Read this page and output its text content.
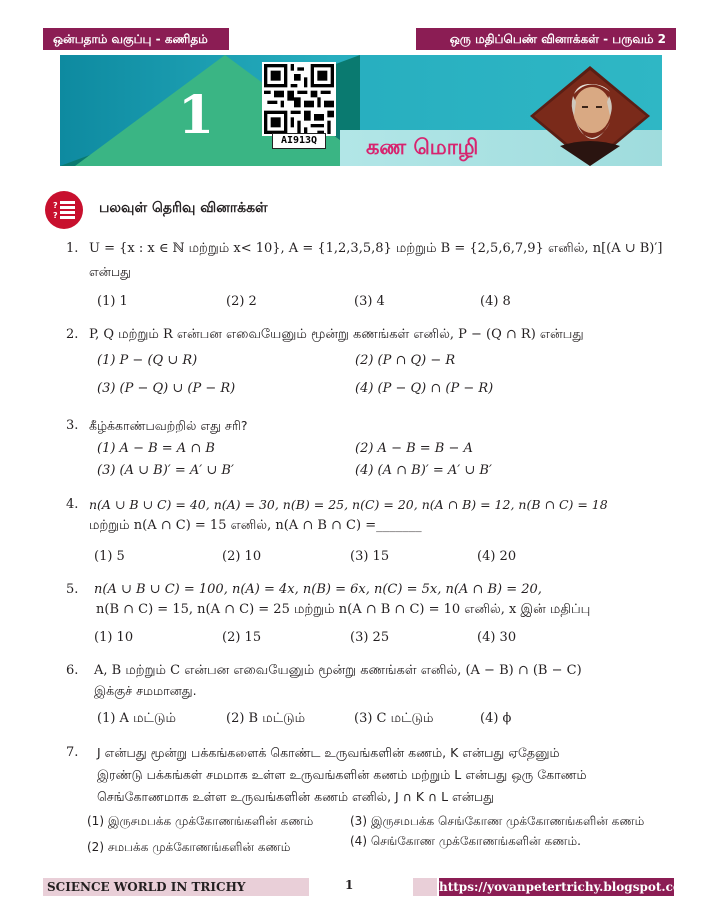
ஒன்பதாம் வகுப்பு - கணிதம்	ஒரு மதிப்பெண் வினாக்கள் - பருவம் 2
1
கண மொழி
AI913Q
?
?	பலவுள் தெரிவு வினாக்கள்
1. U = {x : x ∈ ℕ மற்றும் x< 10}, A = {1,2,3,5,8} மற்றும் B = {2,5,6,7,9} எனில், n[(A ∪ B)′]
என்பது
(1) 1	(2) 2	(3) 4	(4) 8
2. P, Q மற்றும் R என்பன எவையேனும் மூன்று கணங்கள் எனில், P − (Q ∩ R) என்பது
(1) P − (Q ∪ R)	(2) (P ∩ Q) − R
(3) (P − Q) ∪ (P − R)	(4) (P − Q) ∩ (P − R)
3. கீழ்க்காண்பவற்றில் எது சரி?
(1) A − B = A ∩ B	(2) A − B = B − A
(3) (A ∪ B)′ = A′ ∪ B′	(4) (A ∩ B)′ = A′ ∪ B′
4. n(A ∪ B ∪ C) = 40, n(A) = 30, n(B) = 25, n(C) = 20, n(A ∩ B) = 12, n(B ∩ C) = 18
மற்றும் n(A ∩ C) = 15 எனில், n(A ∩ B ∩ C) =_______
(1) 5	(2) 10	(3) 15	(4) 20
5. n(A ∪ B ∪ C) = 100, n(A) = 4x, n(B) = 6x, n(C) = 5x, n(A ∩ B) = 20,
n(B ∩ C) = 15, n(A ∩ C) = 25 மற்றும் n(A ∩ B ∩ C) = 10 எனில், x இன் மதிப்பு
(1) 10	(2) 15	(3) 25	(4) 30
6. A, B மற்றும் C என்பன எவையேனும் மூன்று கணங்கள் எனில், (A − B) ∩ (B − C)
இக்குச் சமமானது.
(1) A மட்டும்	(2) B மட்டும்	(3) C மட்டும்	(4) ϕ
7. J என்பது மூன்று பக்கங்களைக் கொண்ட உருவங்களின் கணம், K என்பது ஏதேனும்
இரண்டு பக்கங்கள் சமமாக உள்ள உருவங்களின் கணம் மற்றும் L என்பது ஒரு கோணம்
செங்கோணமாக உள்ள உருவங்களின் கணம் எனில், J ∩ K ∩ L என்பது
(1) இருசமபக்க முக்கோணங்களின் கணம்
(2) சமபக்க முக்கோணங்களின் கணம்
(3) இருசமபக்க செங்கோண முக்கோணங்களின் கணம்
(4) செங்கோண முக்கோணங்களின் கணம்.
SCIENCE WORLD IN TRICHY	1	https://yovanpetertrichy.blogspot.com
